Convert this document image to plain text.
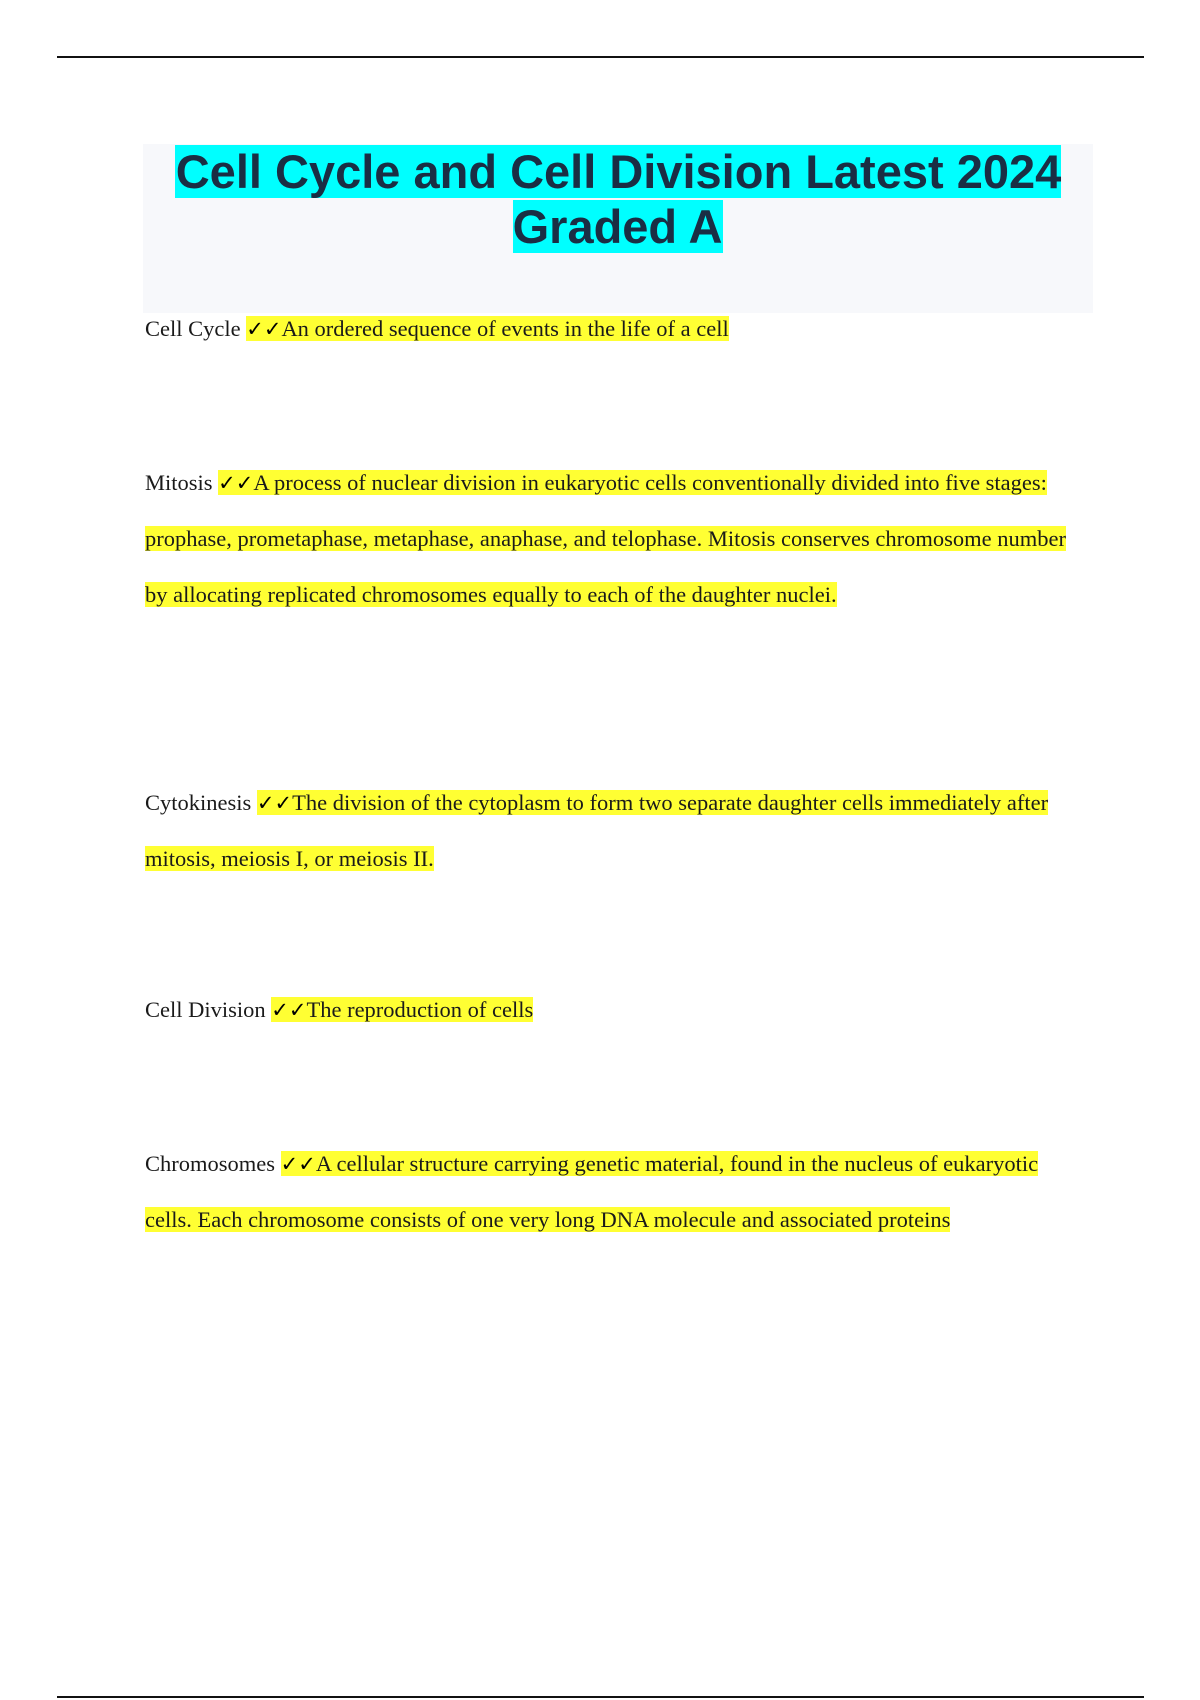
Cell Cycle and Cell Division Latest 2024 Graded A
Cell Cycle ✓✓An ordered sequence of events in the life of a cell
Mitosis ✓✓A process of nuclear division in eukaryotic cells conventionally divided into five stages: prophase, prometaphase, metaphase, anaphase, and telophase. Mitosis conserves chromosome number by allocating replicated chromosomes equally to each of the daughter nuclei.
Cytokinesis ✓✓The division of the cytoplasm to form two separate daughter cells immediately after mitosis, meiosis I, or meiosis II.
Cell Division ✓✓The reproduction of cells
Chromosomes ✓✓A cellular structure carrying genetic material, found in the nucleus of eukaryotic cells. Each chromosome consists of one very long DNA molecule and associated proteins
